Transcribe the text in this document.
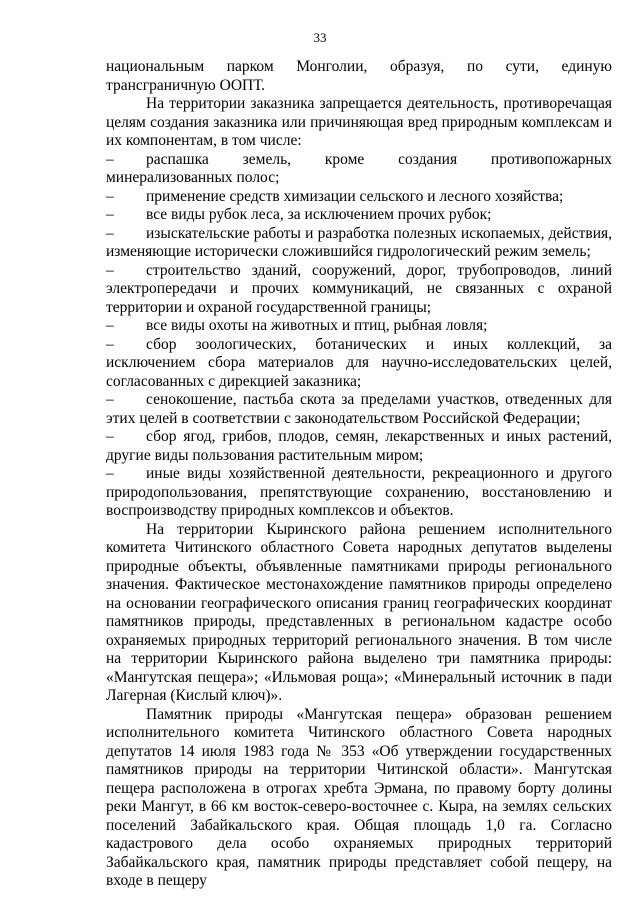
33

национальным парком Монголии, образуя, по сути, единую трансграничную ООПТ.

На территории заказника запрещается деятельность, противоречащая целям создания заказника или причиняющая вред природным комплексам и их компонентам, в том числе:

– распашка земель, кроме создания противопожарных минерализованных полос;

– применение средств химизации сельского и лесного хозяйства;

– все виды рубок леса, за исключением прочих рубок;

– изыскательские работы и разработка полезных ископаемых, действия, изменяющие исторически сложившийся гидрологический режим земель;

– строительство зданий, сооружений, дорог, трубопроводов, линий электропередачи и прочих коммуникаций, не связанных с охраной территории и охраной государственной границы;

– все виды охоты на животных и птиц, рыбная ловля;

– сбор зоологических, ботанических и иных коллекций, за исключением сбора материалов для научно-исследовательских целей, согласованных с дирекцией заказника;

– сенокошение, пастьба скота за пределами участков, отведенных для этих целей в соответствии с законодательством Российской Федерации;

– сбор ягод, грибов, плодов, семян, лекарственных и иных растений, другие виды пользования растительным миром;

– иные виды хозяйственной деятельности, рекреационного и другого природопользования, препятствующие сохранению, восстановлению и воспроизводству природных комплексов и объектов.

На территории Кыринского района решением исполнительного комитета Читинского областного Совета народных депутатов выделены природные объекты, объявленные памятниками природы регионального значения. Фактическое местонахождение памятников природы определено на основании географического описания границ географических координат памятников природы, представленных в региональном кадастре особо охраняемых природных территорий регионального значения. В том числе на территории Кыринского района выделено три памятника природы: «Мангутская пещера»; «Ильмовая роща»; «Минеральный источник в пади Лагерная (Кислый ключ)».

Памятник природы «Мангутская пещера» образован решением исполнительного комитета Читинского областного Совета народных депутатов 14 июля 1983 года № 353 «Об утверждении государственных памятников природы на территории Читинской области». Мангутская пещера расположена в отрогах хребта Эрмана, по правому борту долины реки Мангут, в 66 км восток-северо-восточнее с. Кыра, на землях сельских поселений Забайкальского края. Общая площадь 1,0 га. Согласно кадастрового дела особо охраняемых природных территорий Забайкальского края, памятник природы представляет собой пещеру, на входе в пещеру
